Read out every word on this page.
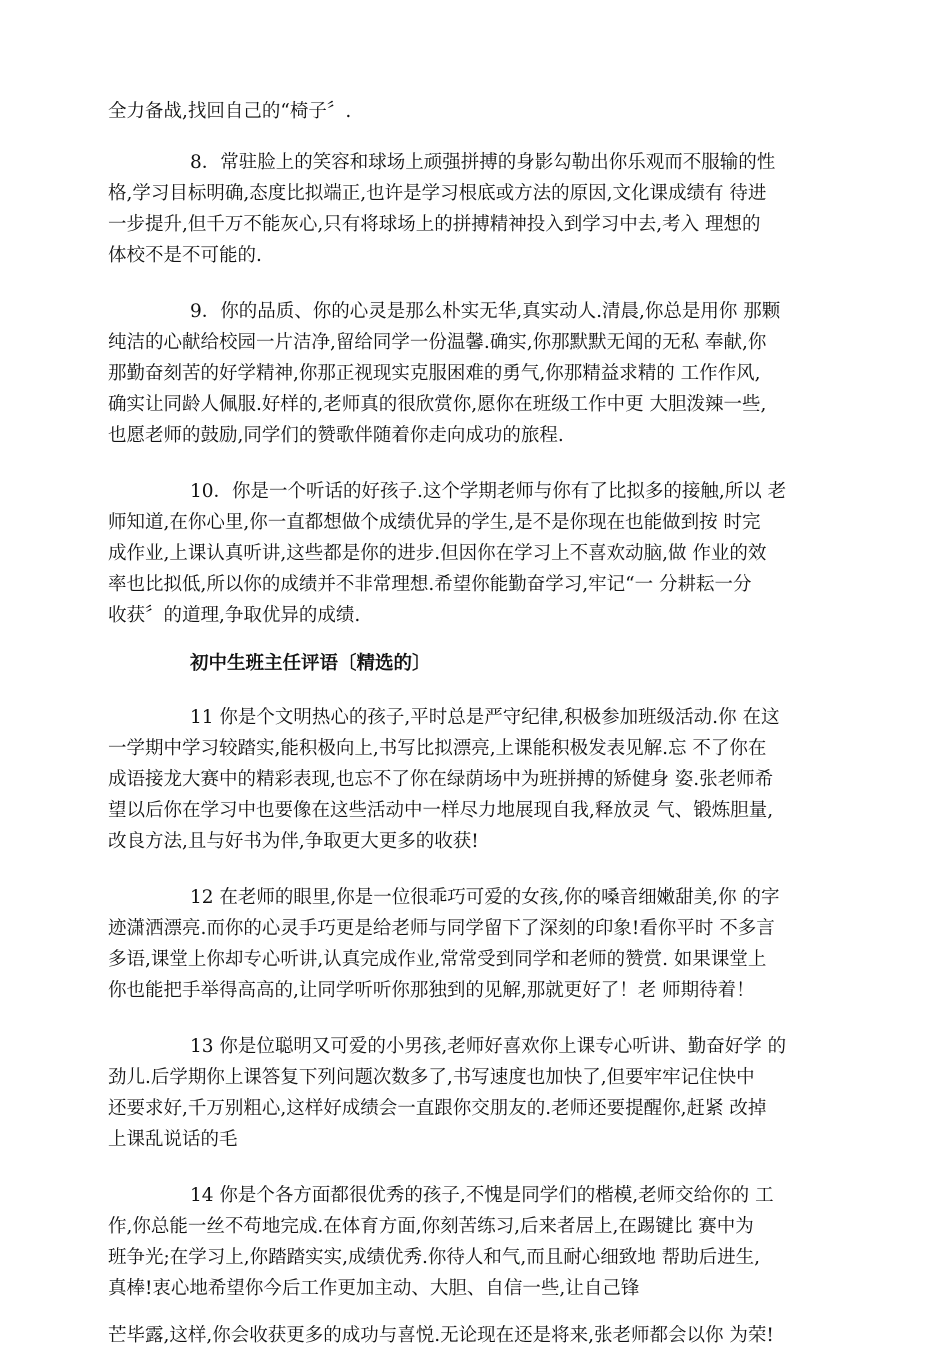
全力备战,找回自己的“椅子〞.
8．常驻脸上的笑容和球场上顽强拼搏的身影勾勒出你乐观而不服输的性
格,学习目标明确,态度比拟端正,也许是学习根底或方法的原因,文化课成绩有 待进
一步提升,但千万不能灰心,只有将球场上的拼搏精神投入到学习中去,考入 理想的
体校不是不可能的.
9．你的品质、你的心灵是那么朴实无华,真实动人.清晨,你总是用你 那颗
纯洁的心献给校园一片洁净,留给同学一份温馨.确实,你那默默无闻的无私 奉献,你
那勤奋刻苦的好学精神,你那正视现实克服困难的勇气,你那精益求精的 工作作风,
确实让同龄人佩服.好样的,老师真的很欣赏你,愿你在班级工作中更 大胆泼辣一些,
也愿老师的鼓励,同学们的赞歌伴随着你走向成功的旅程.
10．你是一个听话的好孩子.这个学期老师与你有了比拟多的接触,所以 老
师知道,在你心里,你一直都想做个成绩优异的学生,是不是你现在也能做到按 时完
成作业,上课认真听讲,这些都是你的进步.但因你在学习上不喜欢动脑,做 作业的效
率也比拟低,所以你的成绩并不非常理想.希望你能勤奋学习,牢记“一 分耕耘一分
收获〞的道理,争取优异的成绩.
初中生班主任评语〔精选的〕
11 你是个文明热心的孩子,平时总是严守纪律,积极参加班级活动.你 在这
一学期中学习较踏实,能积极向上,书写比拟漂亮,上课能积极发表见解.忘 不了你在
成语接龙大赛中的精彩表现,也忘不了你在绿荫场中为班拼搏的矫健身 姿.张老师希
望以后你在学习中也要像在这些活动中一样尽力地展现自我,释放灵 气、锻炼胆量,
改良方法,且与好书为伴,争取更大更多的收获!
12 在老师的眼里,你是一位很乖巧可爱的女孩,你的嗓音细嫩甜美,你 的字
迹潇洒漂亮.而你的心灵手巧更是给老师与同学留下了深刻的印象!看你平时 不多言
多语,课堂上你却专心听讲,认真完成作业,常常受到同学和老师的赞赏. 如果课堂上
你也能把手举得高高的,让同学听听你那独到的见解,那就更好了！老 师期待着！
13 你是位聪明又可爱的小男孩,老师好喜欢你上课专心听讲、勤奋好学 的
劲儿.后学期你上课答复下列问题次数多了,书写速度也加快了,但要牢牢记住快中
还要求好,千万别粗心,这样好成绩会一直跟你交朋友的.老师还要提醒你,赶紧 改掉
上课乱说话的毛
14 你是个各方面都很优秀的孩子,不愧是同学们的楷模,老师交给你的 工
作,你总能一丝不苟地完成.在体育方面,你刻苦练习,后来者居上,在踢键比 赛中为
班争光;在学习上,你踏踏实实,成绩优秀.你待人和气,而且耐心细致地 帮助后进生,
真棒!衷心地希望你今后工作更加主动、大胆、自信一些,让自己锋
芒毕露,这样,你会收获更多的成功与喜悦.无论现在还是将来,张老师都会以你 为荣!
